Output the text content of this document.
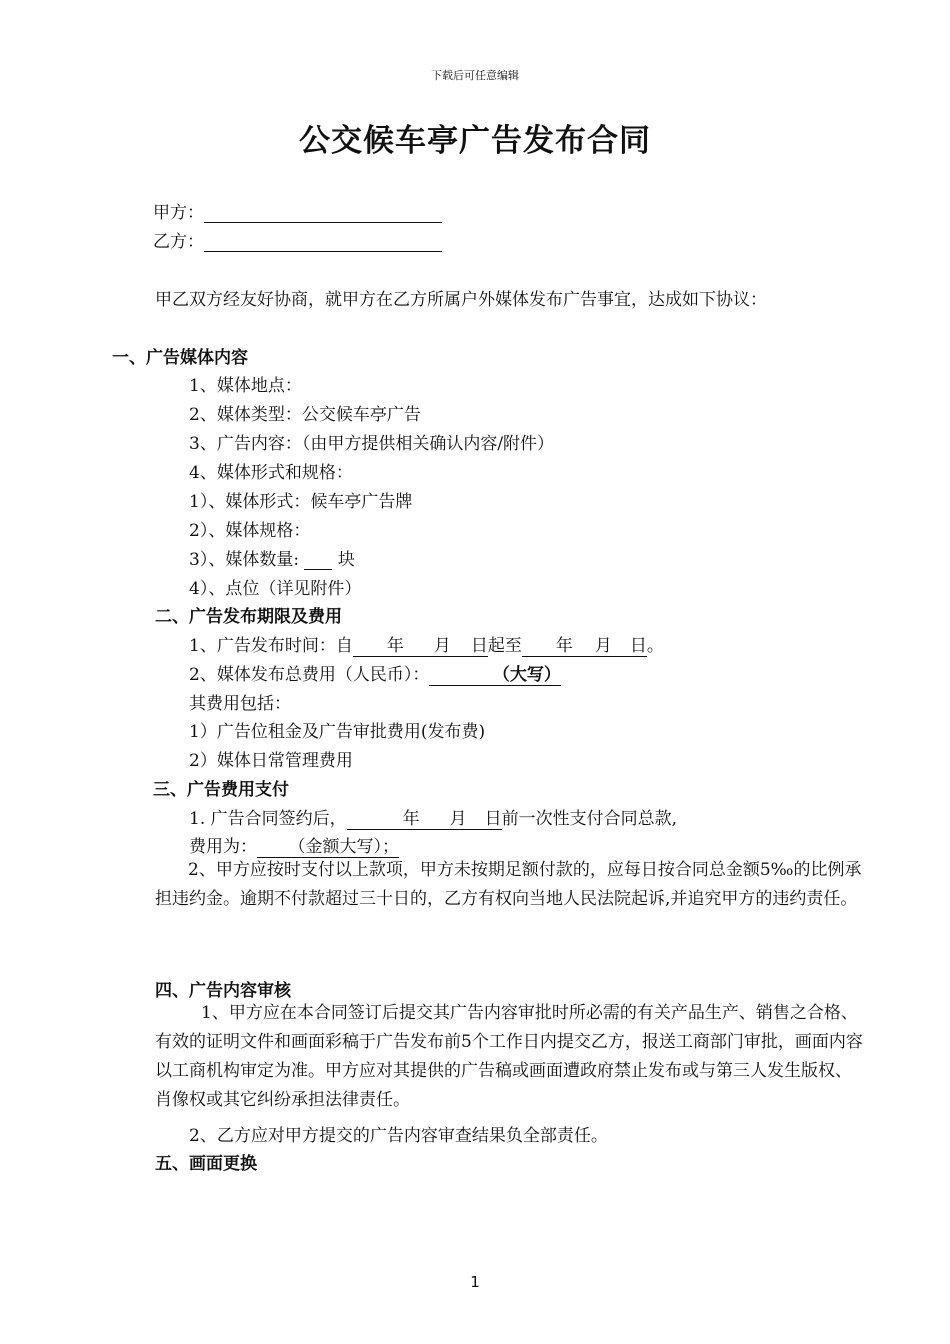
下载后可任意编辑
公交候车亭广告发布合同
甲方：
乙方：
甲乙双方经友好协商，就甲方在乙方所属户外媒体发布广告事宜，达成如下协议：
一、广告媒体内容
1、媒体地点：
2、媒体类型：公交候车亭广告
3、广告内容：（由甲方提供相关确认内容/附件）
4、媒体形式和规格：
1）、媒体形式：候车亭广告牌
2）、媒体规格：
3）、媒体数量: 块
4）、点位（详见附件）
二、广告发布期限及费用
1、广告发布时间：自 年 月 日起至 年 月 日。
2、媒体发布总费用（人民币）：	（大写）
其费用包括：
1）广告位租金及广告审批费用(发布费)
2）媒体日常管理费用
三、广告费用支付
1. 广告合同签约后，	年 月 日前一次性支付合同总款,
费用为： （金额大写）；
2、甲方应按时支付以上款项，甲方未按期足额付款的，应每日按合同总金额5‰的比例承担违约金。逾期不付款超过三十日的，乙方有权向当地人民法院起诉,并追究甲方的违约责任。
四、广告内容审核
1、甲方应在本合同签订后提交其广告内容审批时所必需的有关产品生产、销售之合格、有效的证明文件和画面彩稿于广告发布前5个工作日内提交乙方，报送工商部门审批，画面内容以工商机构审定为准。甲方应对其提供的广告稿或画面遭政府禁止发布或与第三人发生版权、肖像权或其它纠纷承担法律责任。
2、乙方应对甲方提交的广告内容审查结果负全部责任。
五、画面更换
1
